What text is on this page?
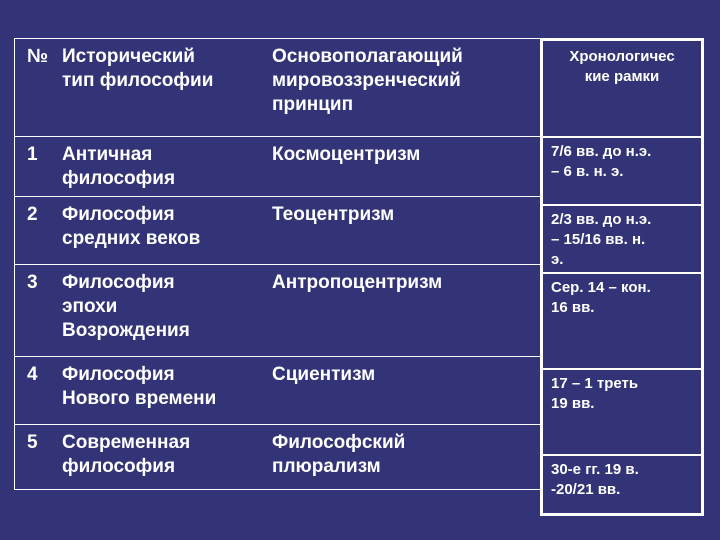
№ Исторический
тип философии
Основополагающий
мировоззренческий
принцип
1 Античная
философия
Космоцентризм
2 Философия
средних веков
Теоцентризм
3 Философия
эпохи
Возрождения
Антропоцентризм
4 Философия
Нового времени
Сциентизм
5 Современная
философия
Философский
плюрализм
Хронологичес
кие рамки
7/6 вв. до н.э.
– 6 в. н. э.
2/3 вв. до н.э.
– 15/16 вв. н.
э.
Сер. 14 – кон.
16 вв.
17 – 1 треть
19 вв.
30-е гг. 19 в.
-20/21 вв.
